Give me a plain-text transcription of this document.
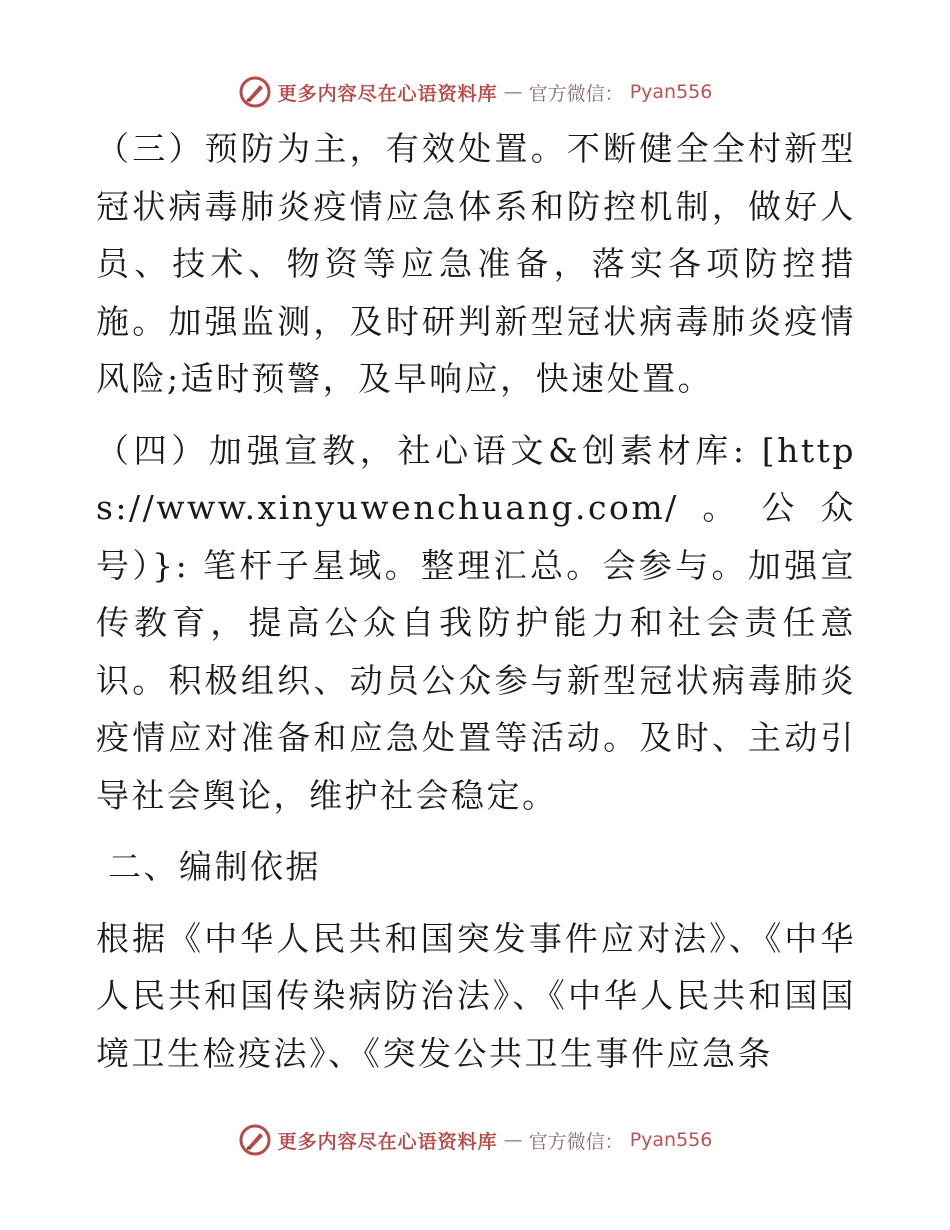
更多内容尽在心语资料库 — 官方微信： Pyan556

（三）预防为主，有效处置。不断健全全村新型冠状病毒肺炎疫情应急体系和防控机制，做好人员、技术、物资等应急准备，落实各项防控措施。加强监测，及时研判新型冠状病毒肺炎疫情风险;适时预警，及早响应，快速处置。

（四）加强宣教，社心语文&创素材库: [https://www.xinyuwenchuang.com/。公众号）}: 笔杆子星域。整理汇总。会参与。加强宣传教育，提高公众自我防护能力和社会责任意识。积极组织、动员公众参与新型冠状病毒肺炎疫情应对准备和应急处置等活动。及时、主动引导社会舆论，维护社会稳定。

二、编制依据

根据《中华人民共和国突发事件应对法》、《中华人民共和国传染病防治法》、《中华人民共和国国境卫生检疫法》、《突发公共卫生事件应急条

更多内容尽在心语资料库 — 官方微信： Pyan556
